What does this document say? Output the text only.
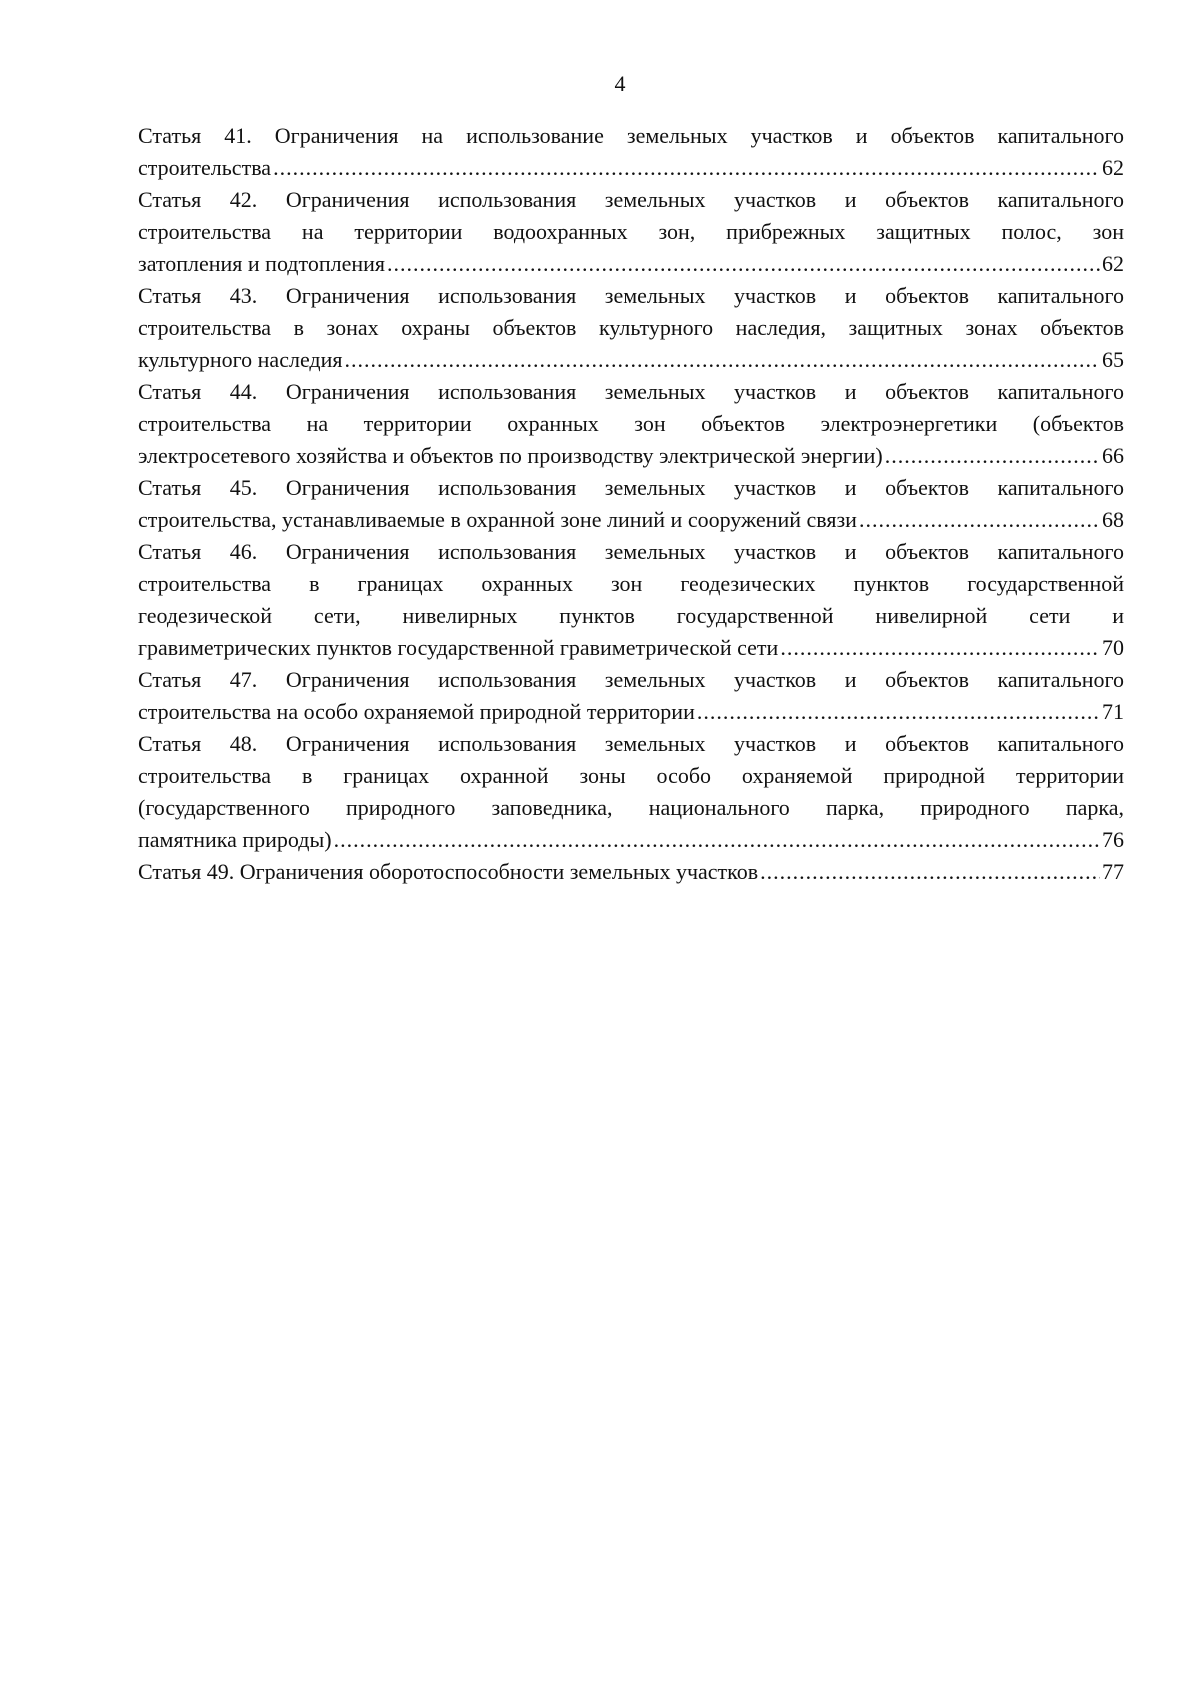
4
Статья 41. Ограничения на использование земельных участков и объектов капитального
строительства .....	62
Статья 42. Ограничения использования земельных участков и объектов капитального
строительства на территории водоохранных зон, прибрежных защитных полос, зон
затопления и подтопления .....	62
Статья 43. Ограничения использования земельных участков и объектов капитального
строительства в зонах охраны объектов культурного наследия, защитных зонах объектов
культурного наследия .....	65
Статья 44. Ограничения использования земельных участков и объектов капитального
строительства на территории охранных зон объектов электроэнергетики (объектов
электросетевого хозяйства и объектов по производству электрической энергии) .....	66
Статья 45. Ограничения использования земельных участков и объектов капитального
строительства, устанавливаемые в охранной зоне линий и сооружений связи .....	68
Статья 46. Ограничения использования земельных участков и объектов капитального
строительства в границах охранных зон геодезических пунктов государственной
геодезической сети, нивелирных пунктов государственной нивелирной сети и
гравиметрических пунктов государственной гравиметрической сети .....	70
Статья 47. Ограничения использования земельных участков и объектов капитального
строительства на особо охраняемой природной территории .....	71
Статья 48. Ограничения использования земельных участков и объектов капитального
строительства в границах охранной зоны особо охраняемой природной территории
(государственного природного заповедника, национального парка, природного парка,
памятника природы) .....	76
Статья 49. Ограничения оборотоспособности земельных участков .....	77
